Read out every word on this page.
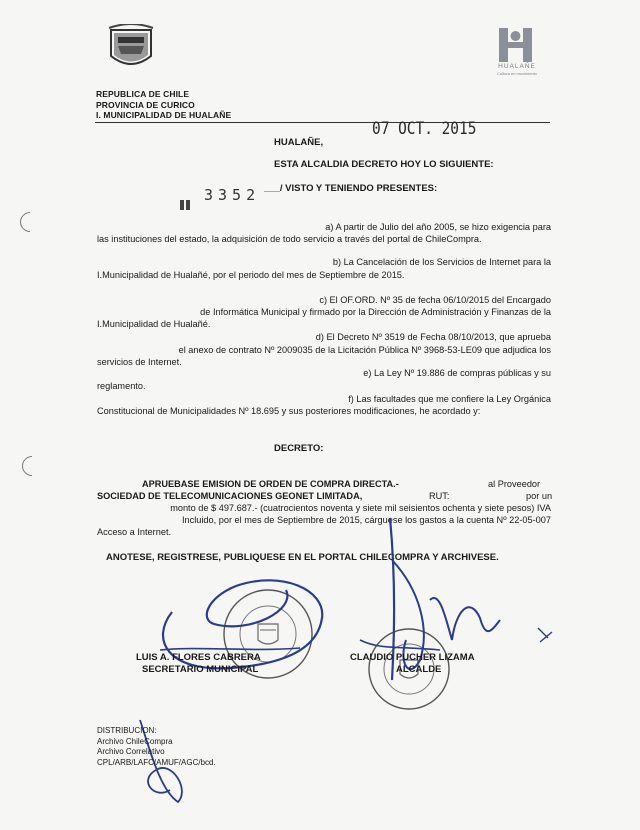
REPUBLICA DE CHILE
PROVINCIA DE CURICO
I. MUNICIPALIDAD DE HUALAÑE
HUALAÑE
Cultura en movimiento
HUALAÑE,
07 OCT. 2015
ESTA ALCALDIA DECRETO HOY LO SIGUIENTE:
3352 ___/ VISTO Y TENIENDO PRESENTES:
a) A partir de Julio del año 2005, se hizo exigencia para
las instituciones del estado, la adquisición de todo servicio a través del portal de ChileCompra.
b) La Cancelación de los Servicios de Internet para la
I.Municipalidad de Hualañé, por el periodo del mes de Septiembre de 2015.
c) El OF.ORD. Nº 35 de fecha 06/10/2015 del Encargado
de Informática Municipal y firmado por la Dirección de Administración y Finanzas de la
I.Municipalidad de Hualañé.
d) El Decreto Nº 3519 de Fecha 08/10/2013, que aprueba
el anexo de contrato Nº 2009035 de la Licitación Pública Nº 3968-53-LE09 que adjudica los
servicios de Internet.
e) La Ley Nº 19.886 de compras públicas y su
reglamento.
f) Las facultades que me confiere la Ley Orgánica
Constitucional de Municipalidades Nº 18.695 y sus posteriores modificaciones, he acordado y:
DECRETO:
APRUEBASE EMISION DE ORDEN DE COMPRA DIRECTA.-	al Proveedor
SOCIEDAD DE TELECOMUNICACIONES GEONET LIMITADA,	RUT:	por un
monto de $ 497.687.- (cuatrocientos noventa y siete mil seisientos ochenta y siete pesos) IVA
Incluido, por el mes de Septiembre de 2015, cárguese los gastos a la cuenta Nº 22-05-007
Acceso a Internet.
ANOTESE, REGISTRESE, PUBLIQUESE EN EL PORTAL CHILECOMPRA Y ARCHIVESE.
LUIS A. FLORES CABRERA
SECRETARIO MUNICIPAL
CLAUDIO PUCHER LIZAMA
ALCALDE
DISTRIBUCION:
Archivo ChileCompra
Archivo Correlativo
CPL/ARB/LAFC/AMUF/AGC/bcd.
